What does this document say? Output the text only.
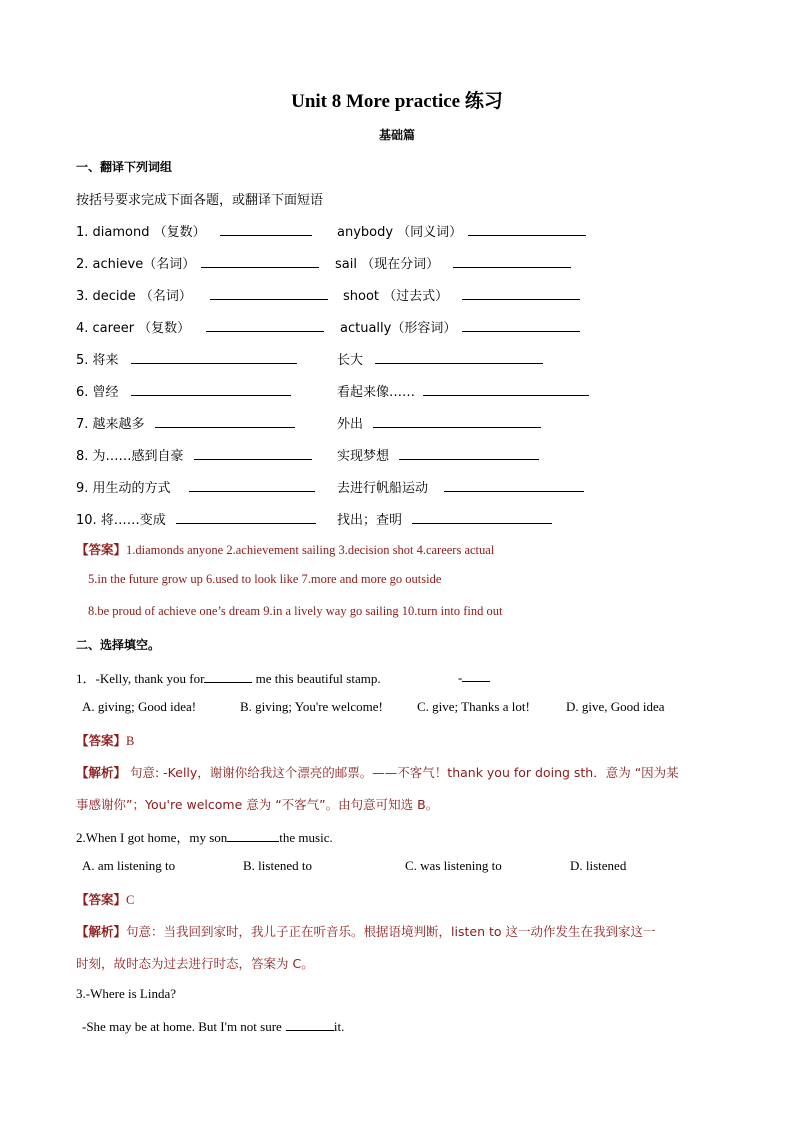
Unit 8 More practice 练习
基础篇
一、翻译下列词组
按括号要求完成下面各题，或翻译下面短语
1. diamond （复数）	anybody （同义词）
2. achieve（名词）	sail （现在分词）
3. decide （名词）	shoot （过去式）
4. career （复数）	actually（形容词）
5. 将来	长大
6. 曾经	看起来像……
7. 越来越多	外出
8. 为……感到自豪	实现梦想
9. 用生动的方式	去进行帆船运动
10. 将……变成	找出；查明
【答案】1.diamonds anyone 2.achievement sailing 3.decision shot 4.careers actual
5.in the future grow up 6.used to look like 7.more and more go outside
8.be proud of achieve one’s dream 9.in a lively way go sailing 10.turn into find out
二、选择填空。
1．-Kelly, thank you for	me this beautiful stamp.	-
A. giving; Good idea!	B. giving; You're welcome!	C. give; Thanks a lot!	D. give, Good idea
【答案】B
【解析】 句意: -Kelly，谢谢你给我这个漂亮的邮票。——不客气！thank you for doing sth．意为 “因为某
事感谢你”；You're welcome 意为 “不客气”。由句意可知选 B。
2.When I got home，my son	the music.
A. am listening to	B. listened to	C. was listening to	D. listened
【答案】C
【解析】句意：当我回到家时，我儿子正在听音乐。根据语境判断，listen to 这一动作发生在我到家这一
时刻，故时态为过去进行时态，答案为 C。
3.-Where is Linda?
-She may be at home. But I'm not sure	it.
